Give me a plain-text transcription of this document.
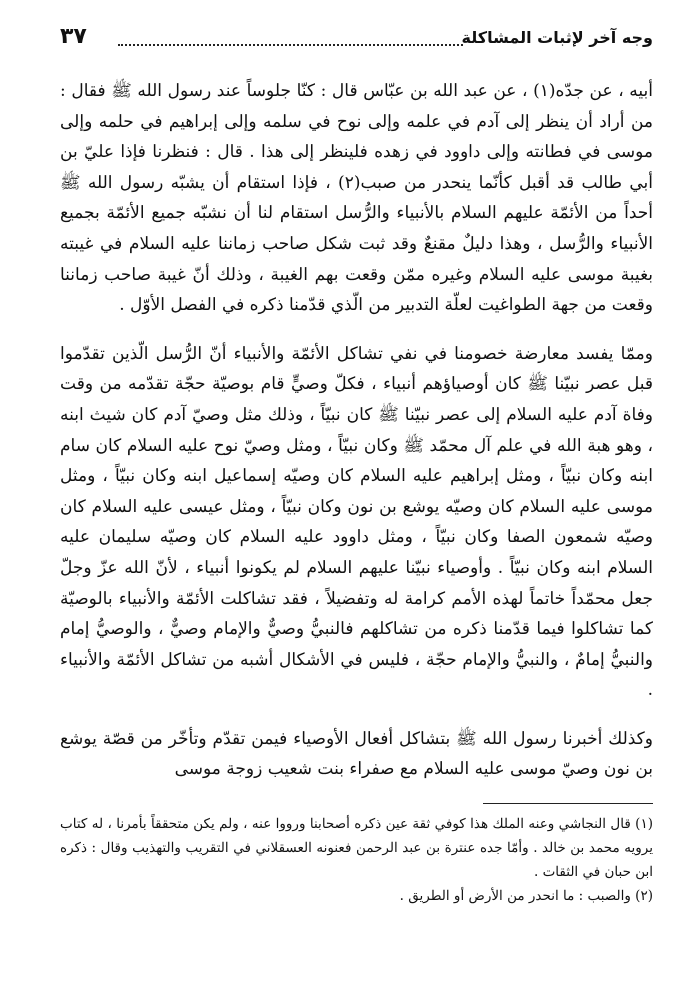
وجه آخر لإثبات المشاكلة
٣٧

أبيه ، عن جدّه(١) ، عن عبد الله بن عبّاس قال : كنّا جلوساً عند رسول الله ﷺ فقال : من أراد أن ينظر إلى آدم في علمه وإلى نوح في سلمه وإلى إبراهيم في حلمه وإلى موسى في فطانته وإلى داوود في زهده فلينظر إلى هذا . قال : فنظرنا فإذا عليّ بن أبي طالب قد أقبل كأنّما ينحدر من صبب(٢) ، فإذا استقام أن يشبّه رسول الله ﷺ أحداً من الأئمّة عليهم السلام بالأنبياء والرُّسل استقام لنا أن نشبّه جميع الأئمّة بجميع الأنبياء والرُّسل ، وهذا دليلٌ مقنعٌ وقد ثبت شكل صاحب زماننا عليه السلام في غيبته بغيبة موسى عليه السلام وغيره ممّن وقعت بهم الغيبة ، وذلك أنّ غيبة صاحب زماننا وقعت من جهة الطواغيت لعلّة التدبير من الّذي قدّمنا ذكره في الفصل الأوّل .

وممّا يفسد معارضة خصومنا في نفي تشاكل الأئمّة والأنبياء أنّ الرُّسل الّذين تقدّموا قبل عصر نبيّنا ﷺ كان أوصياؤهم أنبياء ، فكلّ وصيٍّ قام بوصيّة حجّة تقدّمه من وقت وفاة آدم عليه السلام إلى عصر نبيّنا ﷺ كان نبيّاً ، وذلك مثل وصيّ آدم كان شيث ابنه ، وهو هبة الله في علم آل محمّد ﷺ وكان نبيّاً ، ومثل وصيّ نوح عليه السلام كان سام ابنه وكان نبيّاً ، ومثل إبراهيم عليه السلام كان وصيّه إسماعيل ابنه وكان نبيّاً ، ومثل موسى عليه السلام كان وصيّه يوشع بن نون وكان نبيّاً ، ومثل عيسى عليه السلام كان وصيّه شمعون الصفا وكان نبيّاً ، ومثل داوود عليه السلام كان وصيّه سليمان عليه السلام ابنه وكان نبيّاً . وأوصياء نبيّنا عليهم السلام لم يكونوا أنبياء ، لأنّ الله عزّ وجلّ جعل محمّداً خاتماً لهذه الأمم كرامة له وتفضيلاً ، فقد تشاكلت الأئمّة والأنبياء بالوصيّة كما تشاكلوا فيما قدّمنا ذكره من تشاكلهم فالنبيُّ وصيٌّ والإمام وصيٌّ ، والوصيُّ إمام والنبيُّ إمامٌ ، والنبيُّ والإمام حجّة ، فليس في الأشكال أشبه من تشاكل الأئمّة والأنبياء .

وكذلك أخبرنا رسول الله ﷺ بتشاكل أفعال الأوصياء فيمن تقدّم وتأخّر من قصّة يوشع بن نون وصيّ موسى عليه السلام مع صفراء بنت شعيب زوجة موسى

(١) قال النجاشي وعنه الملك هذا كوفي ثقة عين ذكره أصحابنا ورووا عنه ، ولم يكن متحققاً بأمرنا ، له كتاب يرويه محمد بن خالد . وأمّا جده عنترة بن عبد الرحمن فعنونه العسقلاني في التقريب والتهذيب وقال : ذكره ابن حبان في الثقات .

(٢) والصبب : ما انحدر من الأرض أو الطريق .
